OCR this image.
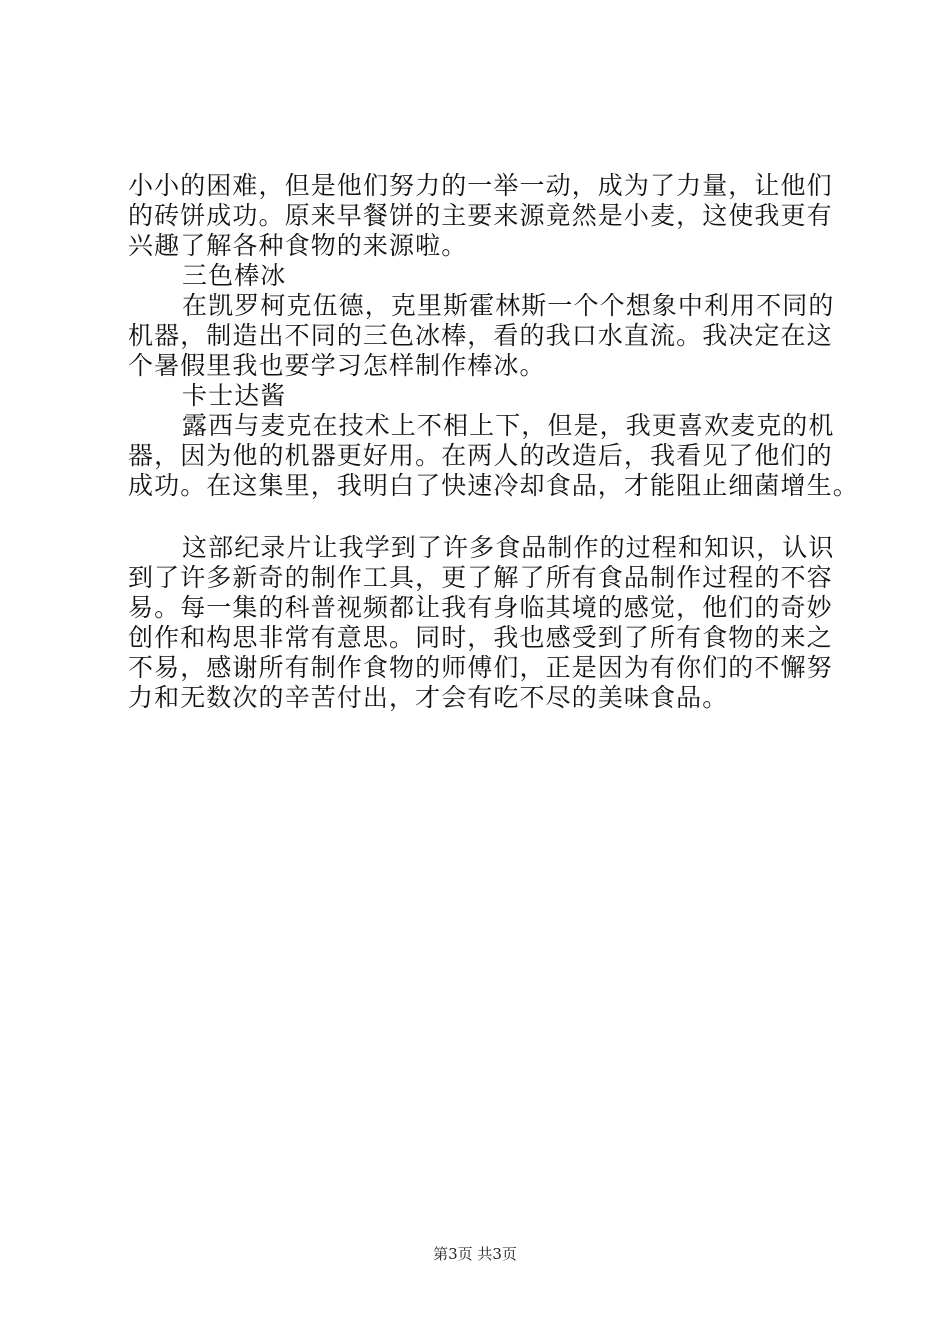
小小的困难，但是他们努力的一举一动，成为了力量，让他们
的砖饼成功。原来早餐饼的主要来源竟然是小麦，这使我更有
兴趣了解各种食物的来源啦。
三色棒冰
在凯罗柯克伍德，克里斯霍林斯一个个想象中利用不同的
机器，制造出不同的三色冰棒，看的我口水直流。我决定在这
个暑假里我也要学习怎样制作棒冰。
卡士达酱
露西与麦克在技术上不相上下，但是，我更喜欢麦克的机
器，因为他的机器更好用。在两人的改造后，我看见了他们的
成功。在这集里，我明白了快速冷却食品，才能阻止细菌增生。
这部纪录片让我学到了许多食品制作的过程和知识，认识
到了许多新奇的制作工具，更了解了所有食品制作过程的不容
易。每一集的科普视频都让我有身临其境的感觉，他们的奇妙
创作和构思非常有意思。同时，我也感受到了所有食物的来之
不易，感谢所有制作食物的师傅们，正是因为有你们的不懈努
力和无数次的辛苦付出，才会有吃不尽的美味食品。
第3页 共3页
